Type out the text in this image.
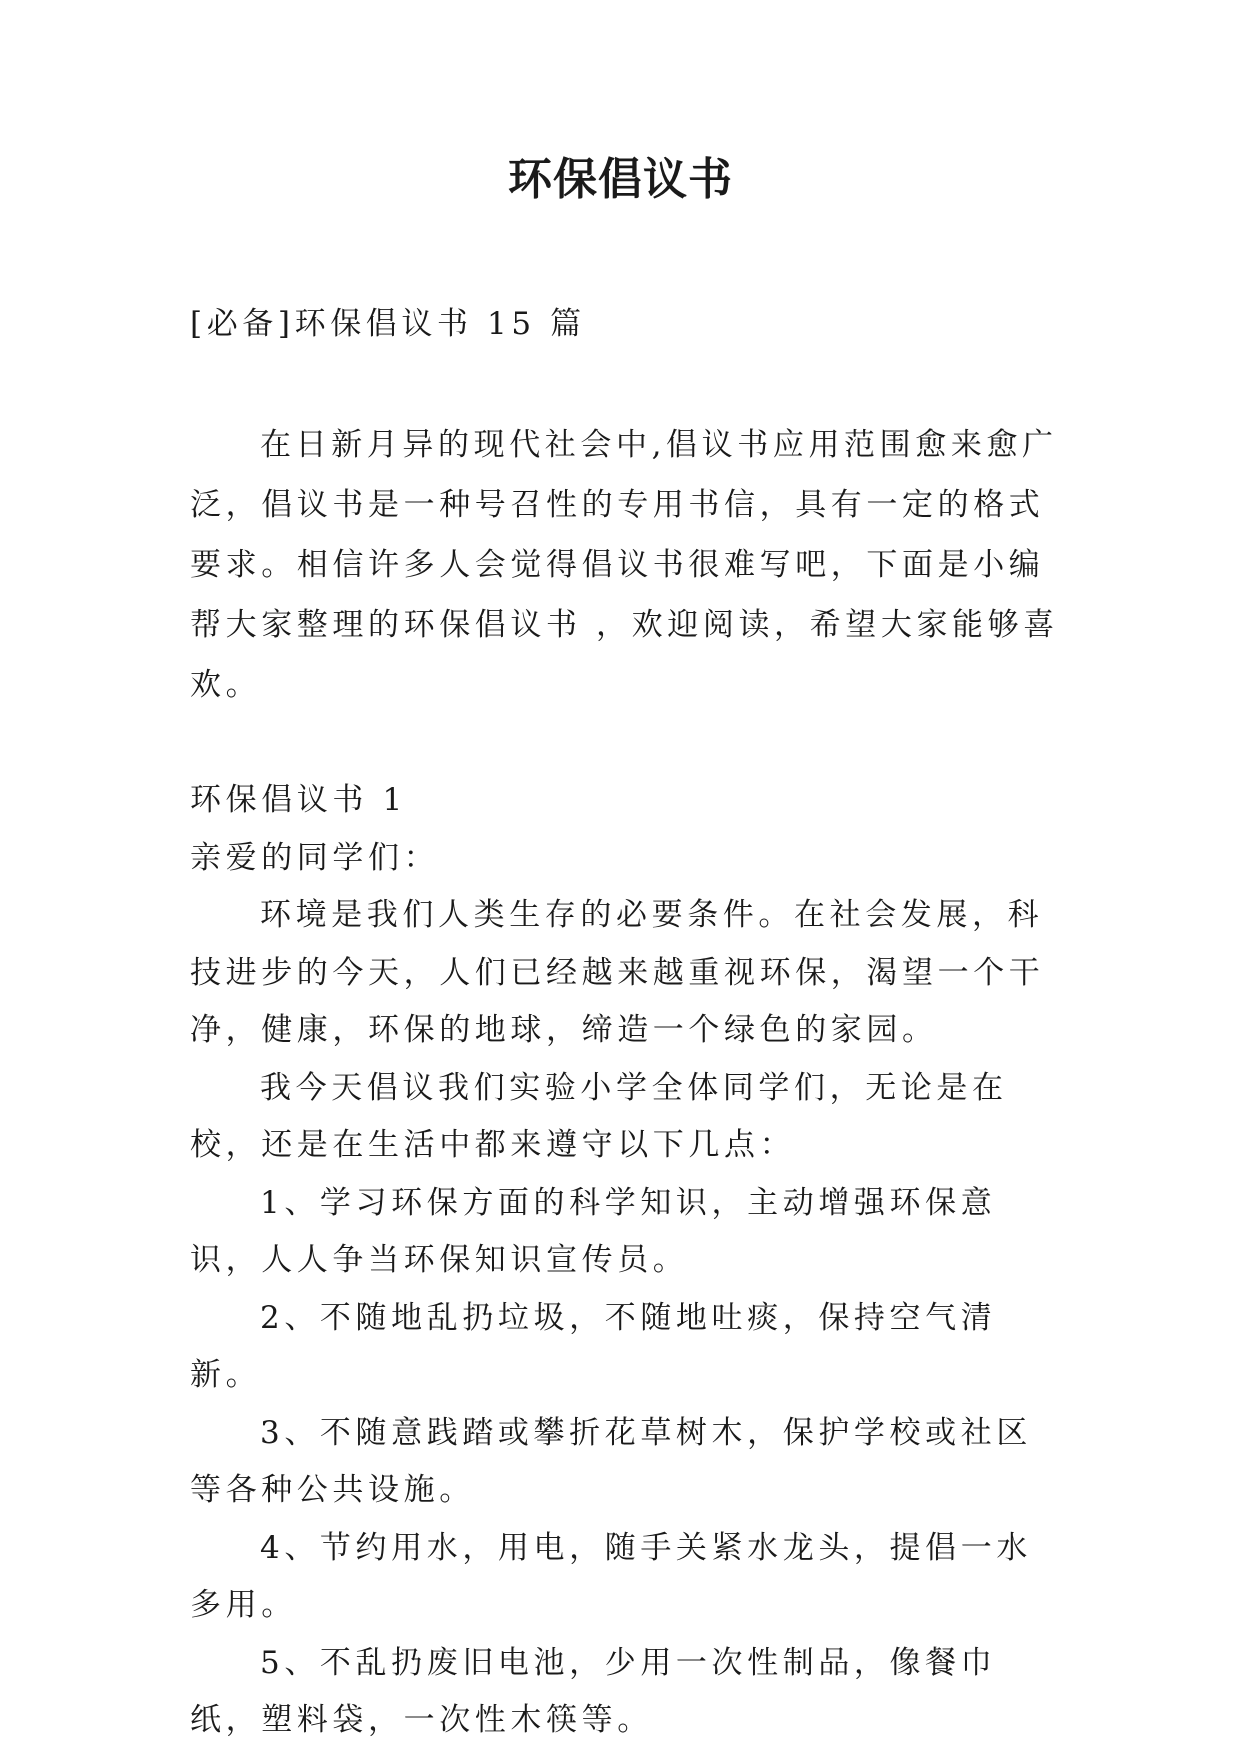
环保倡议书

[必备]环保倡议书 15 篇

在日新月异的现代社会中,倡议书应用范围愈来愈广泛，倡议书是一种号召性的专用书信，具有一定的格式要求。相信许多人会觉得倡议书很难写吧，下面是小编帮大家整理的环保倡议书 ，欢迎阅读，希望大家能够喜欢。

环保倡议书 1

亲爱的同学们：

环境是我们人类生存的必要条件。在社会发展，科技进步的今天，人们已经越来越重视环保，渴望一个干净，健康，环保的地球，缔造一个绿色的家园。

我今天倡议我们实验小学全体同学们，无论是在校，还是在生活中都来遵守以下几点：

1、学习环保方面的科学知识，主动增强环保意识，人人争当环保知识宣传员。

2、不随地乱扔垃圾，不随地吐痰，保持空气清新。

3、不随意践踏或攀折花草树木，保护学校或社区等各种公共设施。

4、节约用水，用电，随手关紧水龙头，提倡一水多用。

5、不乱扔废旧电池，少用一次性制品，像餐巾纸，塑料袋，一次性木筷等。
